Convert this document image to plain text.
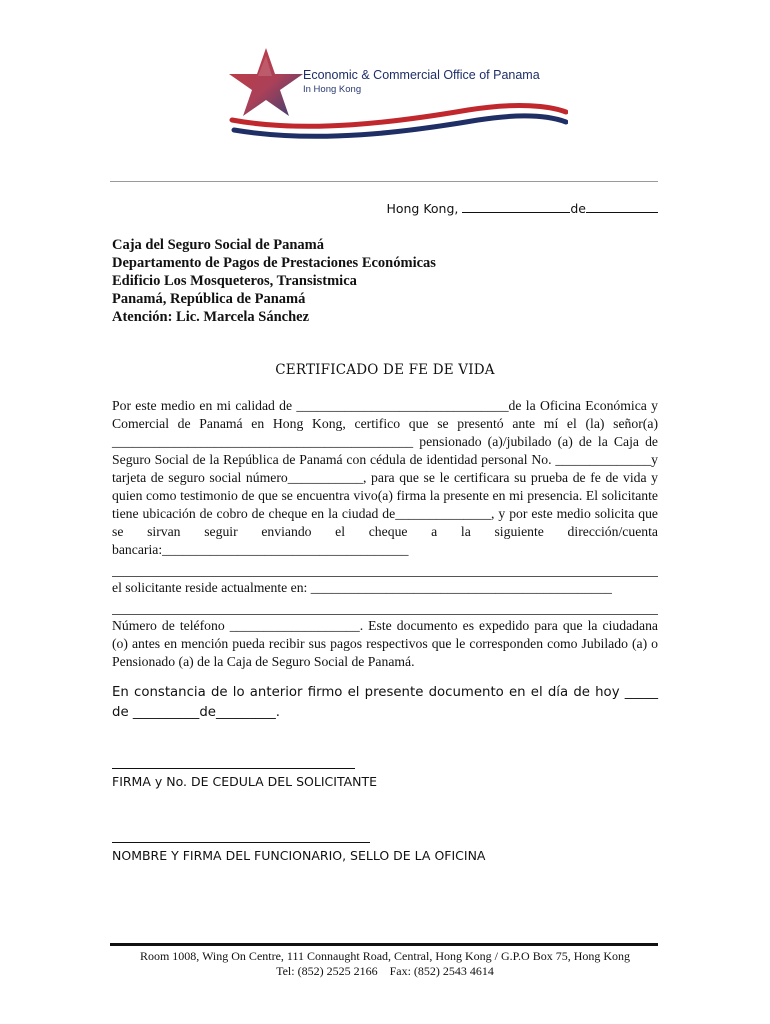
Economic & Commercial Office of Panama
In Hong Kong
Hong Kong,	de
Caja del Seguro Social de Panamá
Departamento de Pagos de Prestaciones Económicas
Edificio Los Mosqueteros, Transistmica
Panamá, República de Panamá
Atención: Lic. Marcela Sánchez
CERTIFICADO DE FE DE VIDA

Por este medio en mi calidad de _______________________________de la Oficina Económica y Comercial de Panamá en Hong Kong, certifico que se presentó ante mí el (la) señor(a) ____________________________________________ pensionado (a)/jubilado (a) de la Caja de Seguro Social de la República de Panamá con cédula de identidad personal No. ______________y tarjeta de seguro social número___________, para que se le certificara su prueba de fe de vida y quien como testimonio de que se encuentra vivo(a) firma la presente en mi presencia. El solicitante tiene ubicación de cobro de cheque en la ciudad de______________, y por este medio solicita que se sirvan seguir enviando el cheque a la siguiente dirección/cuenta bancaria:____________________________________

el solicitante reside actualmente en: ____________________________________________

Número de teléfono ___________________. Este documento es expedido para que la ciudadana (o) antes en mención pueda recibir sus pagos respectivos que le corresponden como Jubilado (a) o Pensionado (a) de la Caja de Seguro Social de Panamá.

En constancia de lo anterior firmo el presente documento en el día de hoy _____ de __________de_________.
FIRMA y No. DE CEDULA DEL SOLICITANTE
NOMBRE Y FIRMA DEL FUNCIONARIO, SELLO DE LA OFICINA
Room 1008, Wing On Centre, 111 Connaught Road, Central, Hong Kong / G.P.O Box 75, Hong Kong
Tel: (852) 2525 2166    Fax: (852) 2543 4614
